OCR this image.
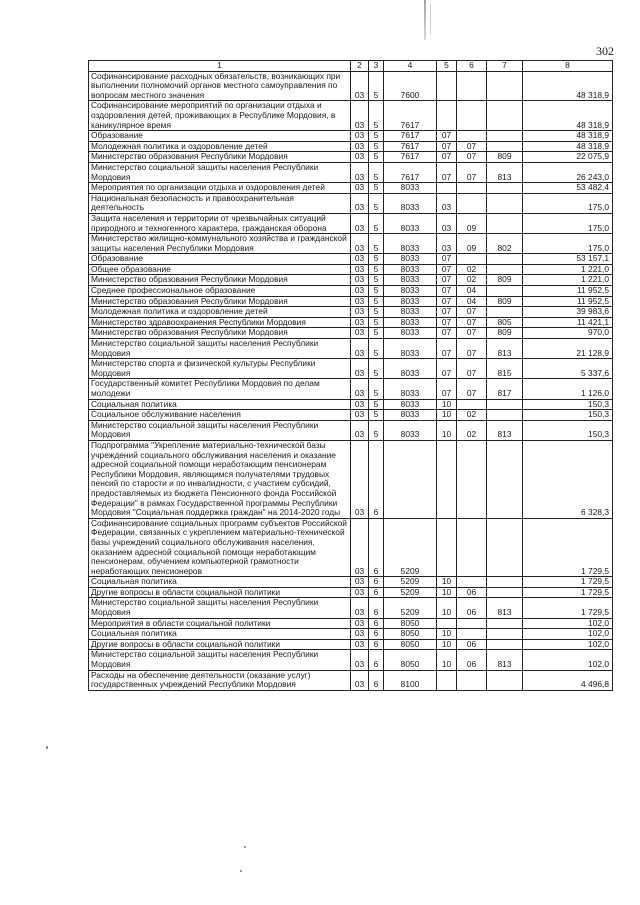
302
1	2	3	4	5	6	7	8
Софинансирование расходных обязательств, возникающих при выполнении полномочий органов местного самоуправления по вопросам местного значения	03	5	7600				48 318,9
Софинансирование мероприятий по организации отдыха и оздоровления детей, проживающих в Республике Мордовия, в каникулярное время	03	5	7617				48 318,9
Образование	03	5	7617	07			48 318,9
Молодежная политика и оздоровление детей	03	5	7617	07	07		48 318,9
Министерство образования Республики Мордовия	03	5	7617	07	07	809	22 075,9
Министерство социальной защиты населения Республики Мордовия	03	5	7617	07	07	813	26 243,0
Мероприятия по организации отдыха и оздоровления детей	03	5	8033				53 482,4
Национальная безопасность и правоохранительная деятельность	03	5	8033	03			175,0
Защита населения и территории от чрезвычайных ситуаций природного и техногенного характера, гражданская оборона	03	5	8033	03	09		175,0
Министерство жилищно-коммунального хозяйства и гражданской защиты населения Республики Мордовия	03	5	8033	03	09	802	175,0
Образование	03	5	8033	07			53 157,1
Общее образование	03	5	8033	07	02		1 221,0
Министерство образования Республики Мордовия	03	5	8033	07	02	809	1 221,0
Среднее профессиональное образование	03	5	8033	07	04		11 952,5
Министерство образования Республики Мордовия	03	5	8033	07	04	809	11 952,5
Молодежная политика и оздоровление детей	03	5	8033	07	07		39 983,6
Министерство здравоохранения Республики Мордовия	03	5	8033	07	07	805	11 421,1
Министерство образования Республики Мордовия	03	5	8033	07	07	809	970,0
Министерство социальной защиты населения Республики Мордовия	03	5	8033	07	07	813	21 128,9
Министерство спорта и физической культуры Республики Мордовия	03	5	8033	07	07	815	5 337,6
Государственный комитет Республики Мордовия по делам молодежи	03	5	8033	07	07	817	1 126,0
Социальная политика	03	5	8033	10			150,3
Социальное обслуживание населения	03	5	8033	10	02		150,3
Министерство социальной защиты населения Республики Мордовия	03	5	8033	10	02	813	150,3
Подпрограмма "Укрепление материально-технической базы учреждений социального обслуживания населения и оказание адресной социальной помощи неработающим пенсионерам Республики Мордовия, являющимся получателями трудовых пенсий по старости и по инвалидности, с участием субсидий, предоставляемых из бюджета Пенсионного фонда Российской Федерации" в рамках Государственной программы Республики Мордовия "Социальная поддержка граждан" на 2014-2020 годы	03	6					6 328,3
Софинансирование социальных программ субъектов Российской Федерации, связанных с укреплением материально-технической базы учреждений социального обслуживания населения, оказанием адресной социальной помощи неработающим пенсионерам, обучением компьютерной грамотности неработающих пенсионеров	03	6	5209				1 729,5
Социальная политика	03	6	5209	10			1 729,5
Другие вопросы в области социальной политики	03	6	5209	10	06		1 729,5
Министерство социальной защиты населения Республики Мордовия	03	6	5209	10	06	813	1 729,5
Мероприятия в области социальной политики	03	6	8050				102,0
Социальная политика	03	6	8050	10			102,0
Другие вопросы в области социальной политики	03	6	8050	10	06		102,0
Министерство социальной защиты населения Республики Мордовия	03	6	8050	10	06	813	102,0
Расходы на обеспечение деятельности (оказание услуг) государственных учреждений Республики Мордовия	03	6	8100				4 496,8
